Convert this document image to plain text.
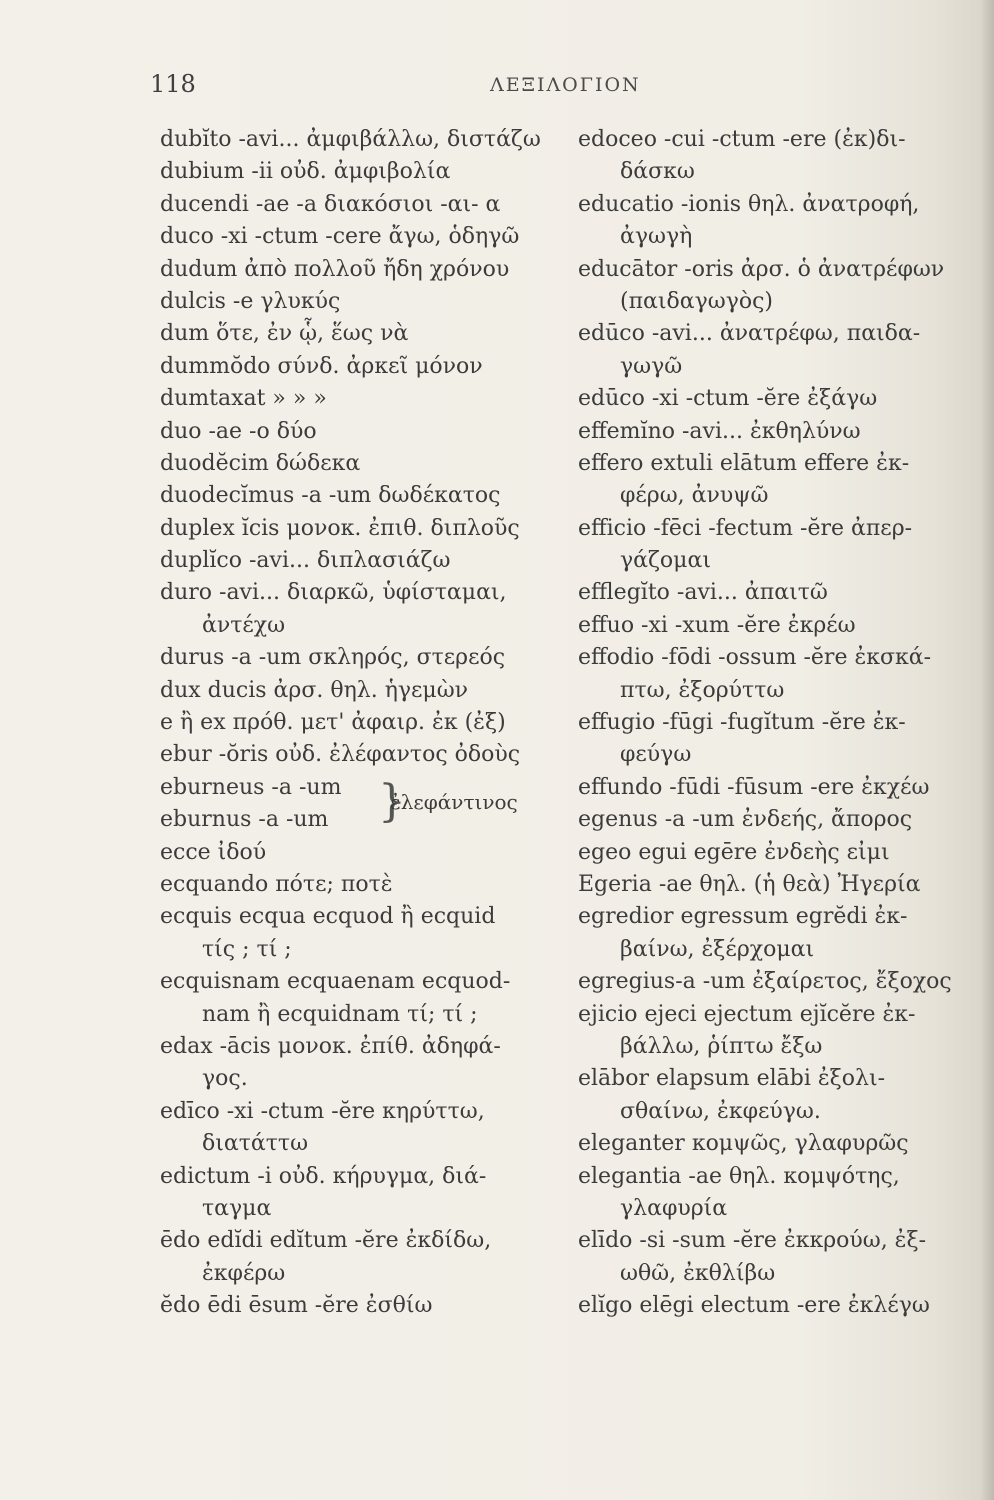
118	ΛΕΞΙΛΟΓΙΟΝ
dubĭto -avi... ἀμφιβάλλω, διστάζω
dubium -ii οὐδ. ἀμφιβολία
ducendi -ae -a διακόσιοι -αι- α
duco -xi -ctum -cere ἄγω, ὁδηγῶ
dudum ἀπὸ πολλοῦ ἤδη χρόνου
dulcis -e γλυκύς
dum ὅτε, ἐν ᾧ, ἕως νὰ
dummŏdo σύνδ. ἀρκεῖ μόνον
dumtaxat » » »
duo -ae -o δύο
duodĕcim δώδεκα
duodecĭmus -a -um δωδέκατος
duplex ĭcis μονοκ. ἐπιθ. διπλοῦς
duplĭco -avi... διπλασιάζω
duro -avi... διαρκῶ, ὑφίσταμαι,
ἀντέχω
durus -a -um σκληρός, στερεός
dux ducis ἀρσ. θηλ. ἡγεμὼν
e ἢ ex πρόθ. μετ' ἀφαιρ. ἐκ (ἐξ)
ebur -ŏris οὐδ. ἐλέφαντος ὀδοὺς
eburneus -a -um
eburnus -a -um	}
ἐλεφάντινος
ecce ἰδού
ecquando πότε; ποτὲ
ecquis ecqua ecquod ἢ ecquid
τίς ; τί ;
ecquisnam ecquaenam ecquod-
nam ἢ ecquidnam τί; τί ;
edax -ācis μονοκ. ἐπίθ. ἀδηφά-
γος.
edīco -xi -ctum -ĕre κηρύττω,
διατάττω
edictum -i οὐδ. κήρυγμα, διά-
ταγμα
ēdo edĭdi edĭtum -ĕre ἐκδίδω,
ἐκφέρω
ĕdo ēdi ēsum -ĕre ἐσθίω
edoceo -cui -ctum -ere (ἐκ)δι-
δάσκω
educatio -ionis θηλ. ἀνατροφή,
ἀγωγὴ
educātor -oris ἀρσ. ὁ ἀνατρέφων
(παιδαγωγὸς)
edūco -avi... ἀνατρέφω, παιδα-
γωγῶ
edūco -xi -ctum -ĕre ἐξάγω
effemĭno -avi... ἐκθηλύνω
effero extuli elātum effere ἐκ-
φέρω, ἀνυψῶ
efficio -fēci -fectum -ĕre ἀπερ-
γάζομαι
efflegĭto -avi... ἀπαιτῶ
effuo -xi -xum -ĕre ἐκρέω
effodio -fōdi -ossum -ĕre ἐκσκά-
πτω, ἐξορύττω
effugio -fūgi -fugĭtum -ĕre ἐκ-
φεύγω
effundo -fūdi -fūsum -ere ἐκχέω
egenus -a -um ἐνδεής, ἄπορος
egeo egui egēre ἐνδεὴς εἰμι
Egeria -ae θηλ. (ἡ θεὰ) Ἠγερία
egredior egressum egrĕdi ἐκ-
βαίνω, ἐξέρχομαι
egregius-a -um ἐξαίρετος, ἔξοχος
ejicio ejeci ejectum ejĭcĕre ἐκ-
βάλλω, ῥίπτω ἔξω
elābor elapsum elābi ἐξολι-
σθαίνω, ἐκφεύγω.
eleganter κομψῶς, γλαφυρῶς
elegantia -ae θηλ. κομψότης,
γλαφυρία
elīdo -si -sum -ĕre ἐκκρούω, ἐξ-
ωθῶ, ἐκθλίβω
elĭgo elēgi electum -ere ἐκλέγω
